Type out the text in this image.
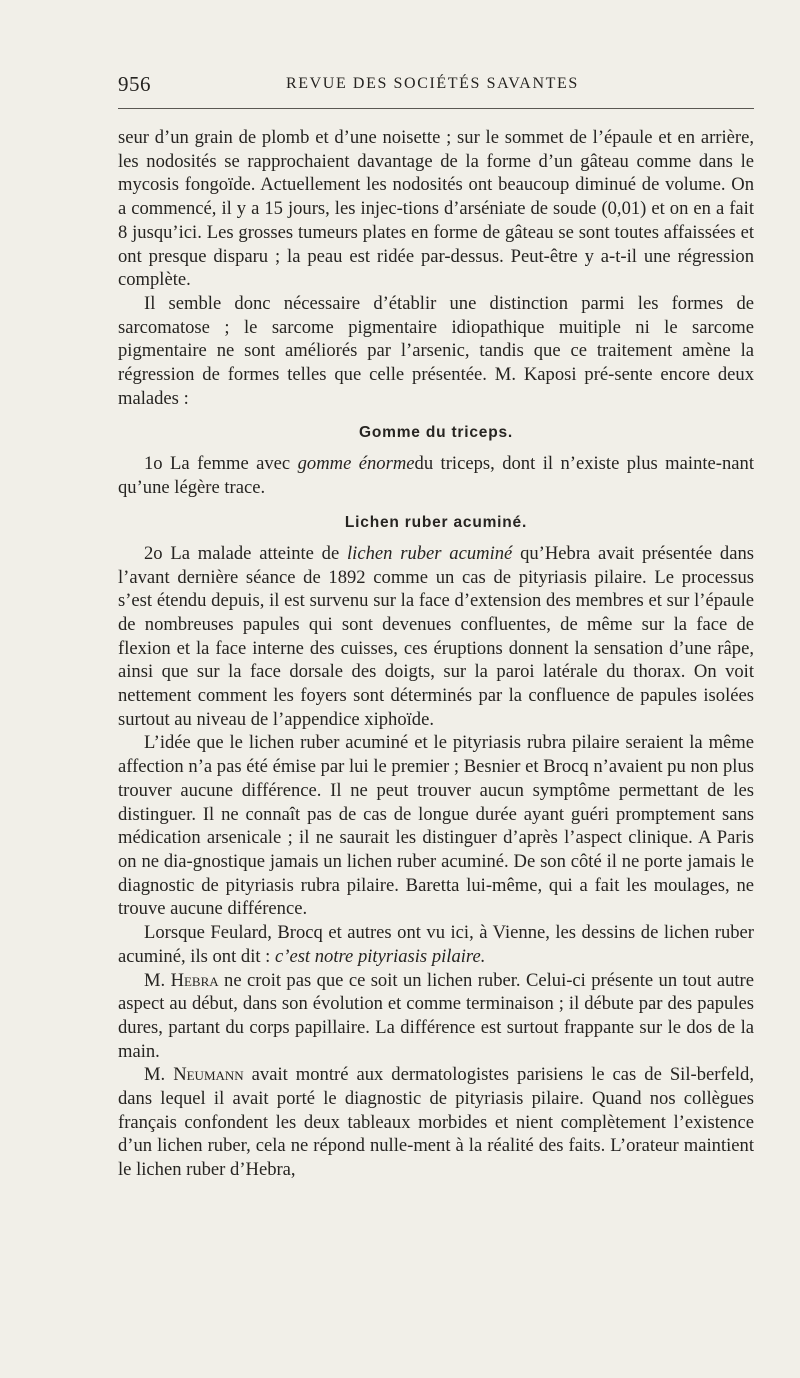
956	REVUE DES SOCIÉTÉS SAVANTES

seur d’un grain de plomb et d’une noisette ; sur le sommet de l’épaule et en arrière, les nodosités se rapprochaient davantage de la forme d’un gâteau comme dans le mycosis fongoïde. Actuellement les nodosités ont beaucoup diminué de volume. On a commencé, il y a 15 jours, les injec-tions d’arséniate de soude (0,01) et on en a fait 8 jusqu’ici. Les grosses tumeurs plates en forme de gâteau se sont toutes affaissées et ont presque disparu ; la peau est ridée par-dessus. Peut-être y a-t-il une régression complète.

Il semble donc nécessaire d’établir une distinction parmi les formes de sarcomatose ; le sarcome pigmentaire idiopathique muitiple ni le sarcome pigmentaire ne sont améliorés par l’arsenic, tandis que ce traitement amène la régression de formes telles que celle présentée. M. Kaposi pré-sente encore deux malades :

Gomme du triceps.

1o La femme avec gomme énormedu triceps, dont il n’existe plus mainte-nant qu’une légère trace.

Lichen ruber acuminé.

2o La malade atteinte de lichen ruber acuminé qu’Hebra avait présentée dans l’avant dernière séance de 1892 comme un cas de pityriasis pilaire. Le processus s’est étendu depuis, il est survenu sur la face d’extension des membres et sur l’épaule de nombreuses papules qui sont devenues confluentes, de même sur la face de flexion et la face interne des cuisses, ces éruptions donnent la sensation d’une râpe, ainsi que sur la face dorsale des doigts, sur la paroi latérale du thorax. On voit nettement comment les foyers sont déterminés par la confluence de papules isolées surtout au niveau de l’appendice xiphoïde.

L’idée que le lichen ruber acuminé et le pityriasis rubra pilaire seraient la même affection n’a pas été émise par lui le premier ; Besnier et Brocq n’avaient pu non plus trouver aucune différence. Il ne peut trouver aucun symptôme permettant de les distinguer. Il ne connaît pas de cas de longue durée ayant guéri promptement sans médication arsenicale ; il ne saurait les distinguer d’après l’aspect clinique. A Paris on ne dia-gnostique jamais un lichen ruber acuminé. De son côté il ne porte jamais le diagnostic de pityriasis rubra pilaire. Baretta lui-même, qui a fait les moulages, ne trouve aucune différence.

Lorsque Feulard, Brocq et autres ont vu ici, à Vienne, les dessins de lichen ruber acuminé, ils ont dit : c’est notre pityriasis pilaire.

M. Hebra ne croit pas que ce soit un lichen ruber. Celui-ci présente un tout autre aspect au début, dans son évolution et comme terminaison ; il débute par des papules dures, partant du corps papillaire. La différence est surtout frappante sur le dos de la main.

M. Neumann avait montré aux dermatologistes parisiens le cas de Sil-berfeld, dans lequel il avait porté le diagnostic de pityriasis pilaire. Quand nos collègues français confondent les deux tableaux morbides et nient complètement l’existence d’un lichen ruber, cela ne répond nulle-ment à la réalité des faits. L’orateur maintient le lichen ruber d’Hebra,
